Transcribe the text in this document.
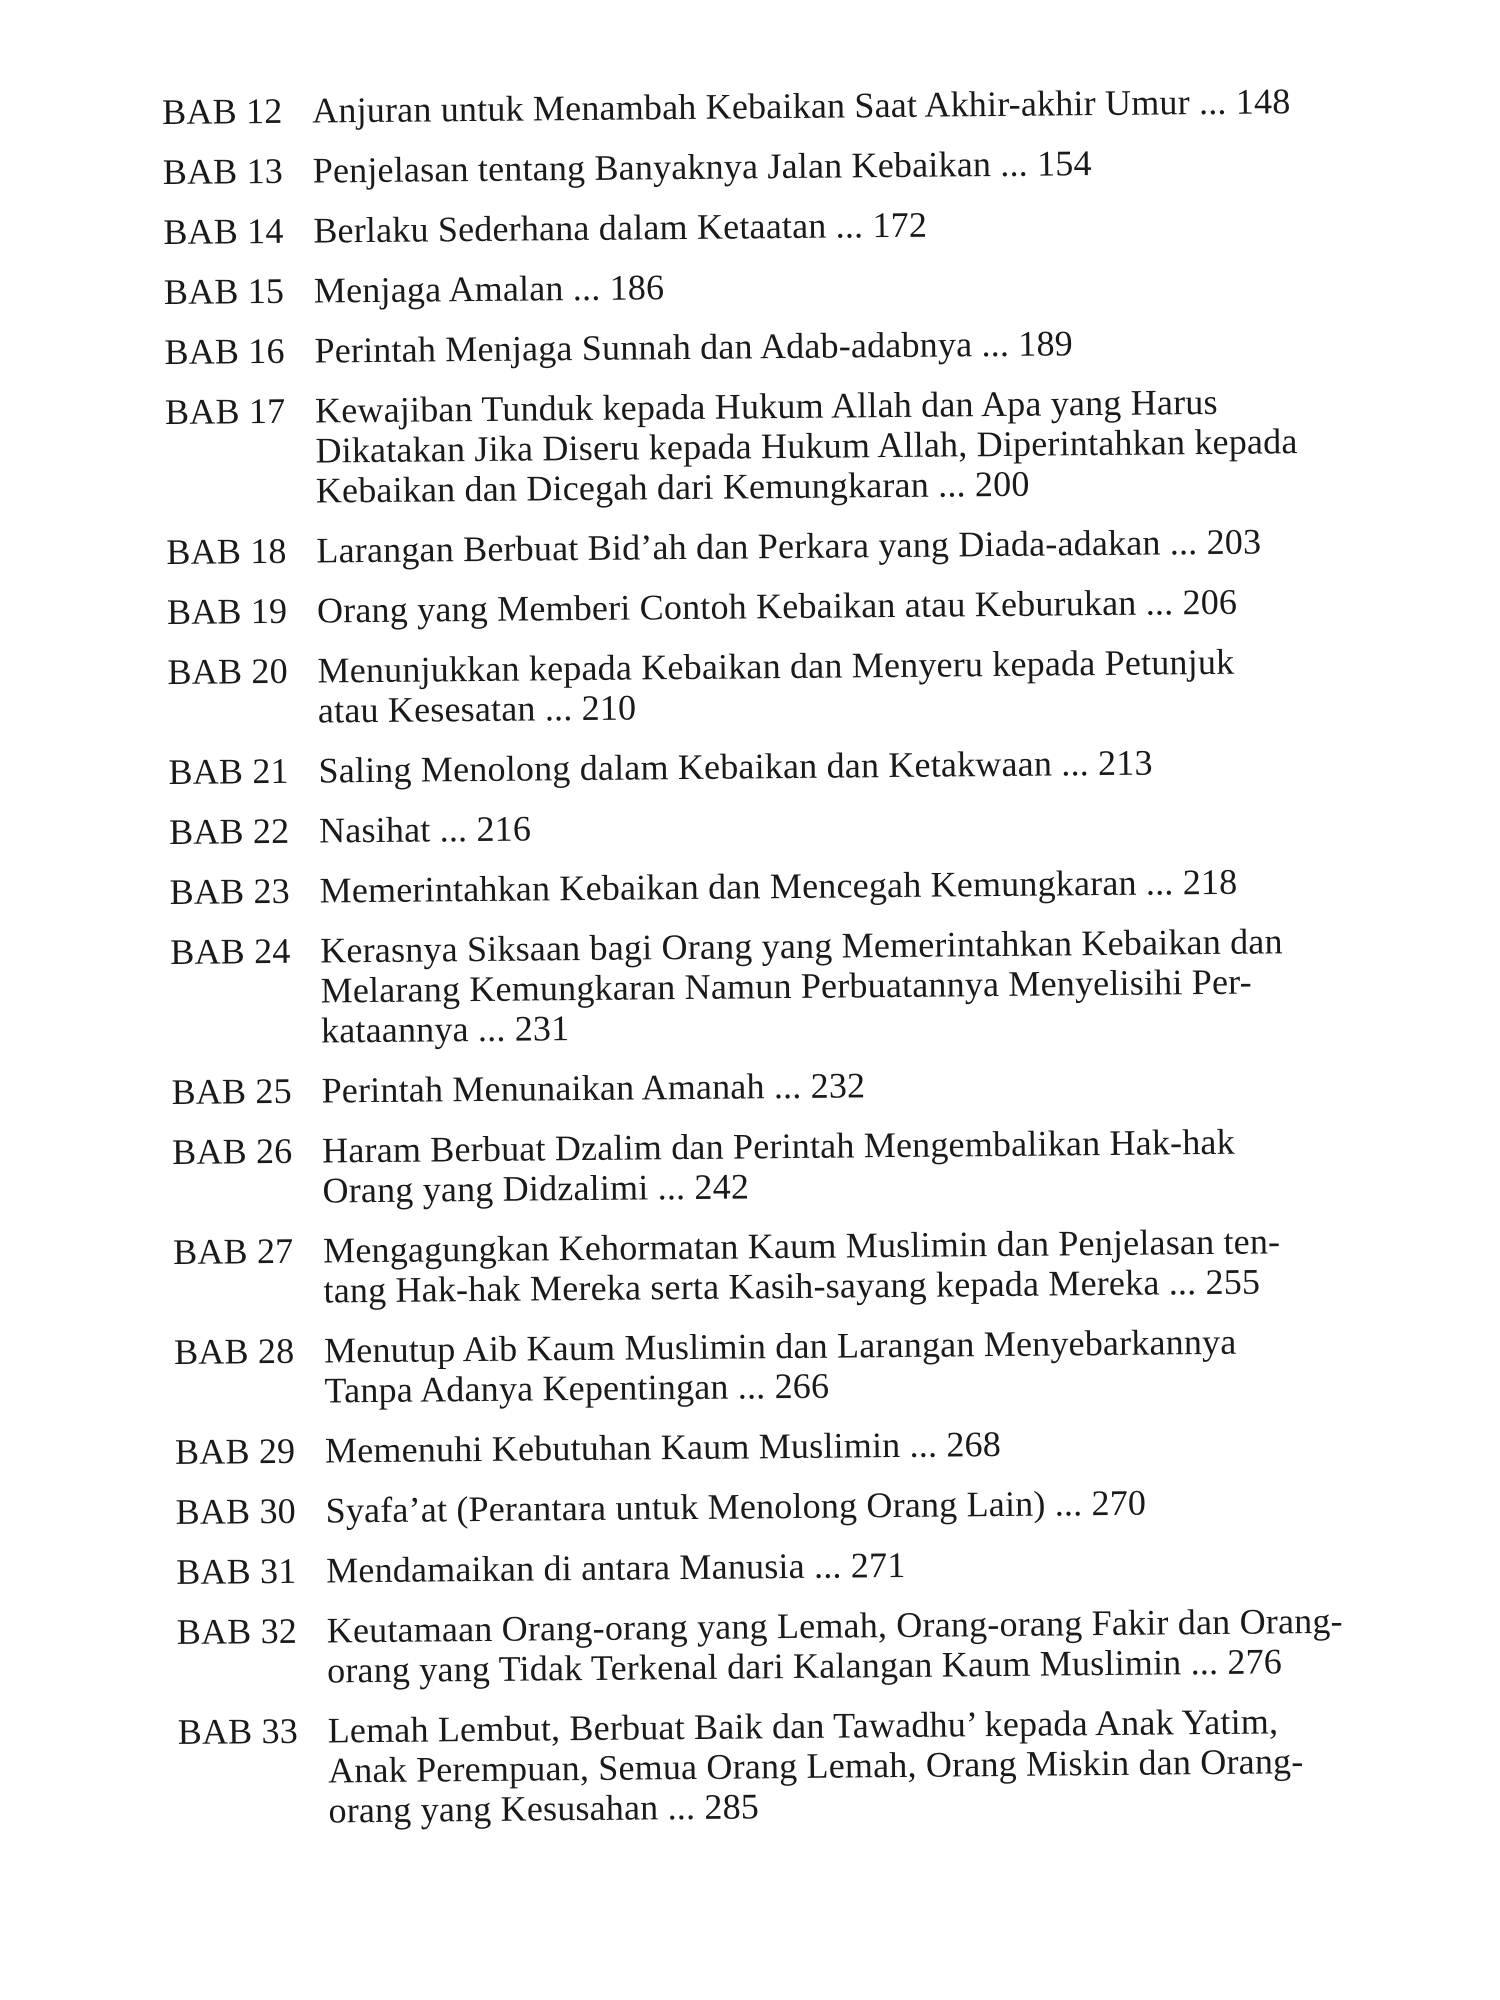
BAB 12 Anjuran untuk Menambah Kebaikan Saat Akhir-akhir Umur ... 148
BAB 13 Penjelasan tentang Banyaknya Jalan Kebaikan ... 154
BAB 14 Berlaku Sederhana dalam Ketaatan ... 172
BAB 15 Menjaga Amalan ... 186
BAB 16 Perintah Menjaga Sunnah dan Adab-adabnya ... 189
BAB 17 Kewajiban Tunduk kepada Hukum Allah dan Apa yang Harus
Dikatakan Jika Diseru kepada Hukum Allah, Diperintahkan kepada
Kebaikan dan Dicegah dari Kemungkaran ... 200
BAB 18 Larangan Berbuat Bid’ah dan Perkara yang Diada-adakan ... 203
BAB 19 Orang yang Memberi Contoh Kebaikan atau Keburukan ... 206
BAB 20 Menunjukkan kepada Kebaikan dan Menyeru kepada Petunjuk
atau Kesesatan ... 210
BAB 21 Saling Menolong dalam Kebaikan dan Ketakwaan ... 213
BAB 22 Nasihat ... 216
BAB 23 Memerintahkan Kebaikan dan Mencegah Kemungkaran ... 218
BAB 24 Kerasnya Siksaan bagi Orang yang Memerintahkan Kebaikan dan
Melarang Kemungkaran Namun Perbuatannya Menyelisihi Per-
kataannya ... 231
BAB 25 Perintah Menunaikan Amanah ... 232
BAB 26 Haram Berbuat Dzalim dan Perintah Mengembalikan Hak-hak
Orang yang Didzalimi ... 242
BAB 27 Mengagungkan Kehormatan Kaum Muslimin dan Penjelasan ten-
tang Hak-hak Mereka serta Kasih-sayang kepada Mereka ... 255
BAB 28 Menutup Aib Kaum Muslimin dan Larangan Menyebarkannya
Tanpa Adanya Kepentingan ... 266
BAB 29 Memenuhi Kebutuhan Kaum Muslimin ... 268
BAB 30 Syafa’at (Perantara untuk Menolong Orang Lain) ... 270
BAB 31 Mendamaikan di antara Manusia ... 271
BAB 32 Keutamaan Orang-orang yang Lemah, Orang-orang Fakir dan Orang-
orang yang Tidak Terkenal dari Kalangan Kaum Muslimin ... 276
BAB 33 Lemah Lembut, Berbuat Baik dan Tawadhu’ kepada Anak Yatim,
Anak Perempuan, Semua Orang Lemah, Orang Miskin dan Orang-
orang yang Kesusahan ... 285
